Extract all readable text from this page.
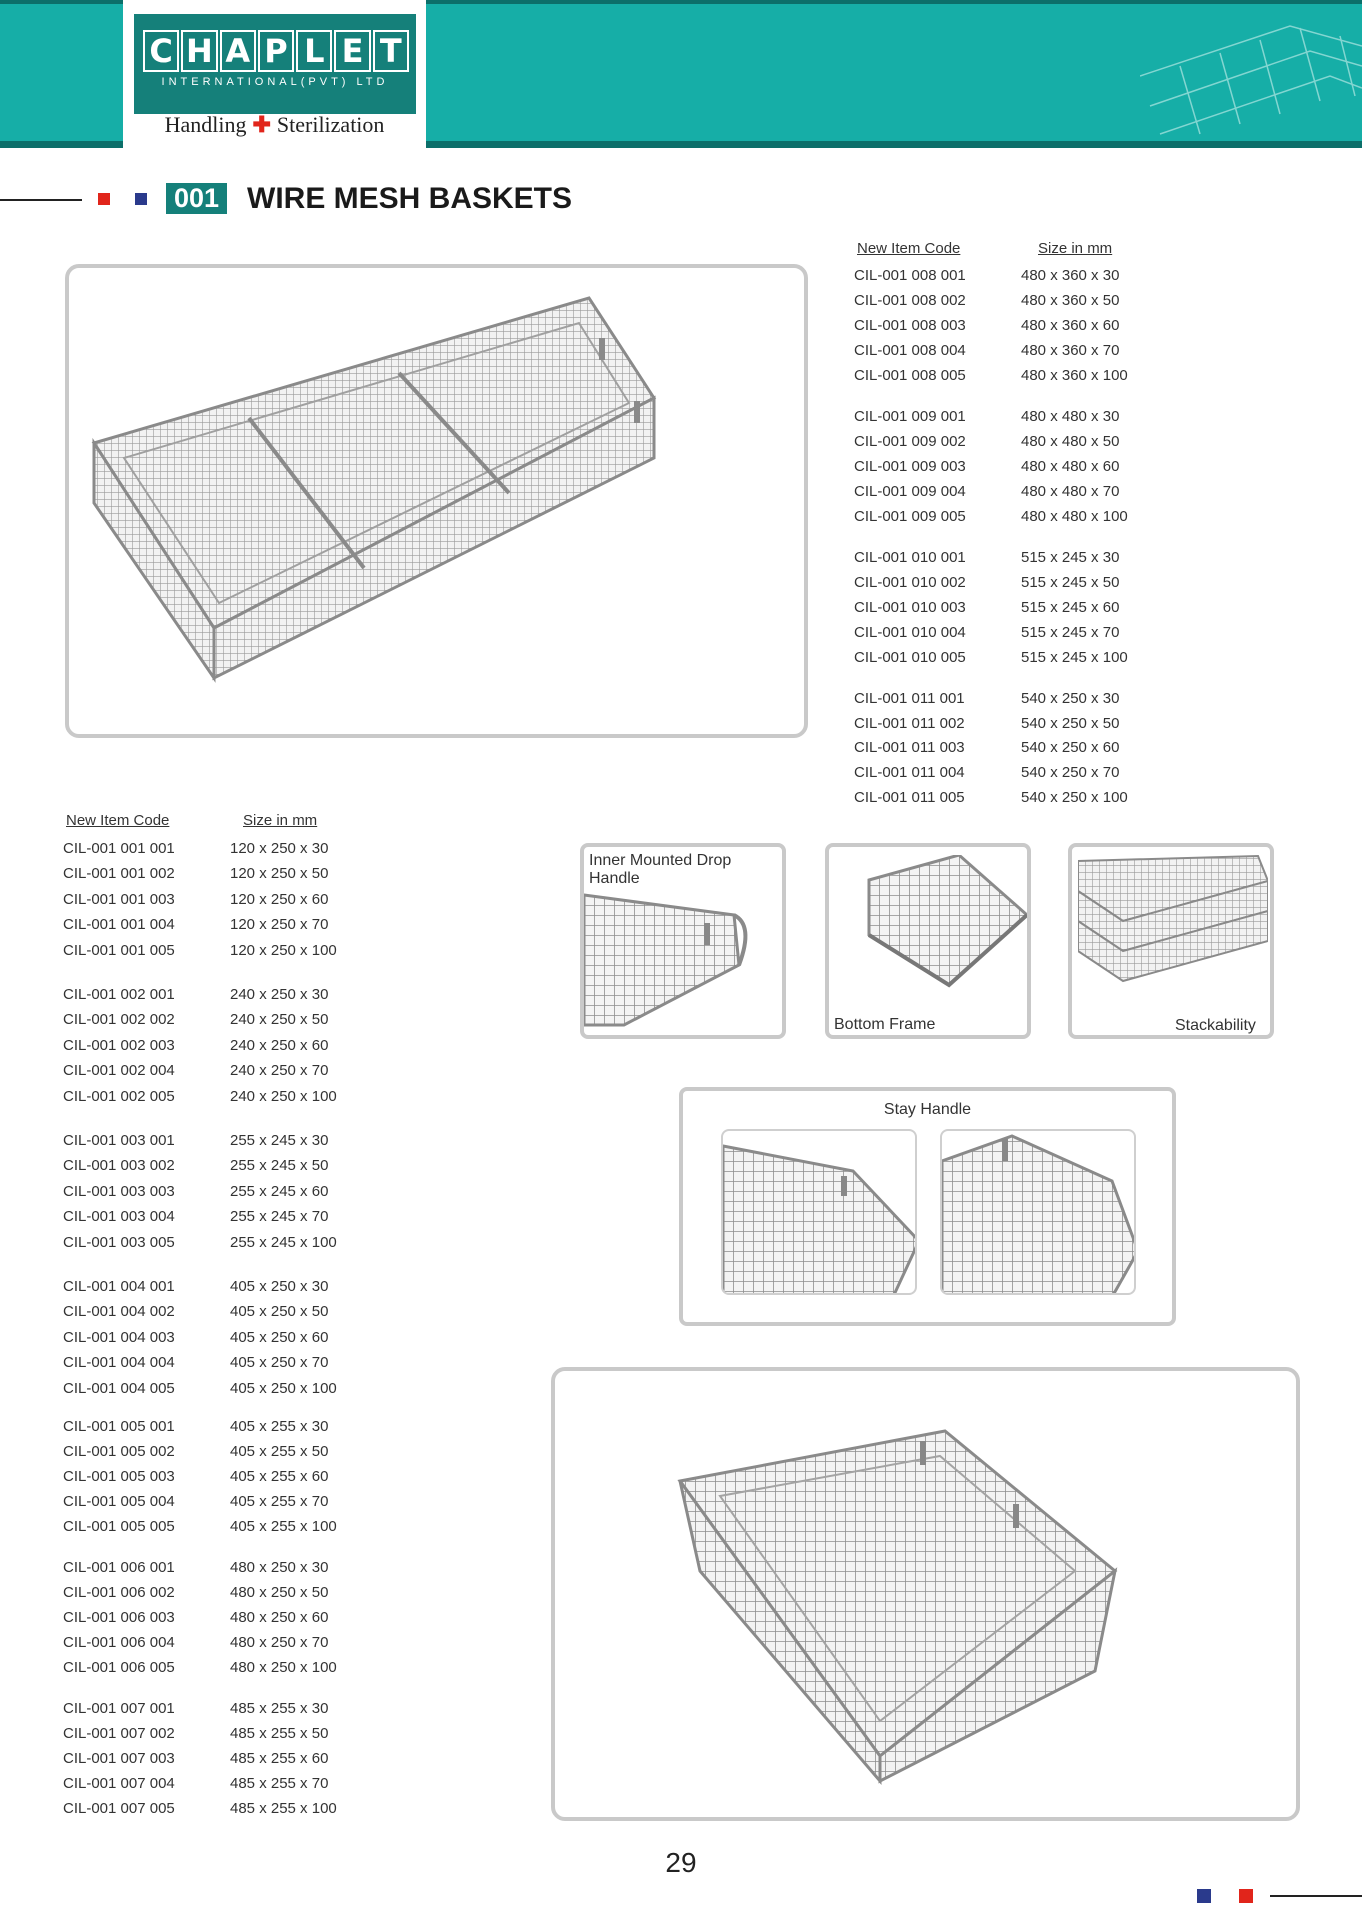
C H A P L E T
INTERNATIONAL(PVT) LTD
Handling ✚ Sterilization
001 WIRE MESH BASKETS
New Item Code	Size in mm
CIL-001 008 001	480 x 360 x 30
CIL-001 008 002	480 x 360 x 50
CIL-001 008 003	480 x 360 x 60
CIL-001 008 004	480 x 360 x 70
CIL-001 008 005	480 x 360 x 100
CIL-001 009 001	480 x 480 x 30
CIL-001 009 002	480 x 480 x 50
CIL-001 009 003	480 x 480 x 60
CIL-001 009 004	480 x 480 x 70
CIL-001 009 005	480 x 480 x 100
CIL-001 010 001	515 x 245 x 30
CIL-001 010 002	515 x 245 x 50
CIL-001 010 003	515 x 245 x 60
CIL-001 010 004	515 x 245 x 70
CIL-001 010 005	515 x 245 x 100
CIL-001 011 001	540 x 250 x 30
CIL-001 011 002	540 x 250 x 50
CIL-001 011 003	540 x 250 x 60
CIL-001 011 004	540 x 250 x 70
CIL-001 011 005	540 x 250 x 100
New Item Code	Size in mm
CIL-001 001 001	120 x 250 x 30
CIL-001 001 002	120 x 250 x 50
CIL-001 001 003	120 x 250 x 60
CIL-001 001 004	120 x 250 x 70
CIL-001 001 005	120 x 250 x 100
CIL-001 002 001	240 x 250 x 30
CIL-001 002 002	240 x 250 x 50
CIL-001 002 003	240 x 250 x 60
CIL-001 002 004	240 x 250 x 70
CIL-001 002 005	240 x 250 x 100
CIL-001 003 001	255 x 245 x 30
CIL-001 003 002	255 x 245 x 50
CIL-001 003 003	255 x 245 x 60
CIL-001 003 004	255 x 245 x 70
CIL-001 003 005	255 x 245 x 100
CIL-001 004 001	405 x 250 x 30
CIL-001 004 002	405 x 250 x 50
CIL-001 004 003	405 x 250 x 60
CIL-001 004 004	405 x 250 x 70
CIL-001 004 005	405 x 250 x 100
CIL-001 005 001	405 x 255 x 30
CIL-001 005 002	405 x 255 x 50
CIL-001 005 003	405 x 255 x 60
CIL-001 005 004	405 x 255 x 70
CIL-001 005 005	405 x 255 x 100
CIL-001 006 001	480 x 250 x 30
CIL-001 006 002	480 x 250 x 50
CIL-001 006 003	480 x 250 x 60
CIL-001 006 004	480 x 250 x 70
CIL-001 006 005	480 x 250 x 100
CIL-001 007 001	485 x 255 x 30
CIL-001 007 002	485 x 255 x 50
CIL-001 007 003	485 x 255 x 60
CIL-001 007 004	485 x 255 x 70
CIL-001 007 005	485 x 255 x 100
Inner Mounted Drop Handle
Bottom Frame	Stackability
Stay Handle
29
